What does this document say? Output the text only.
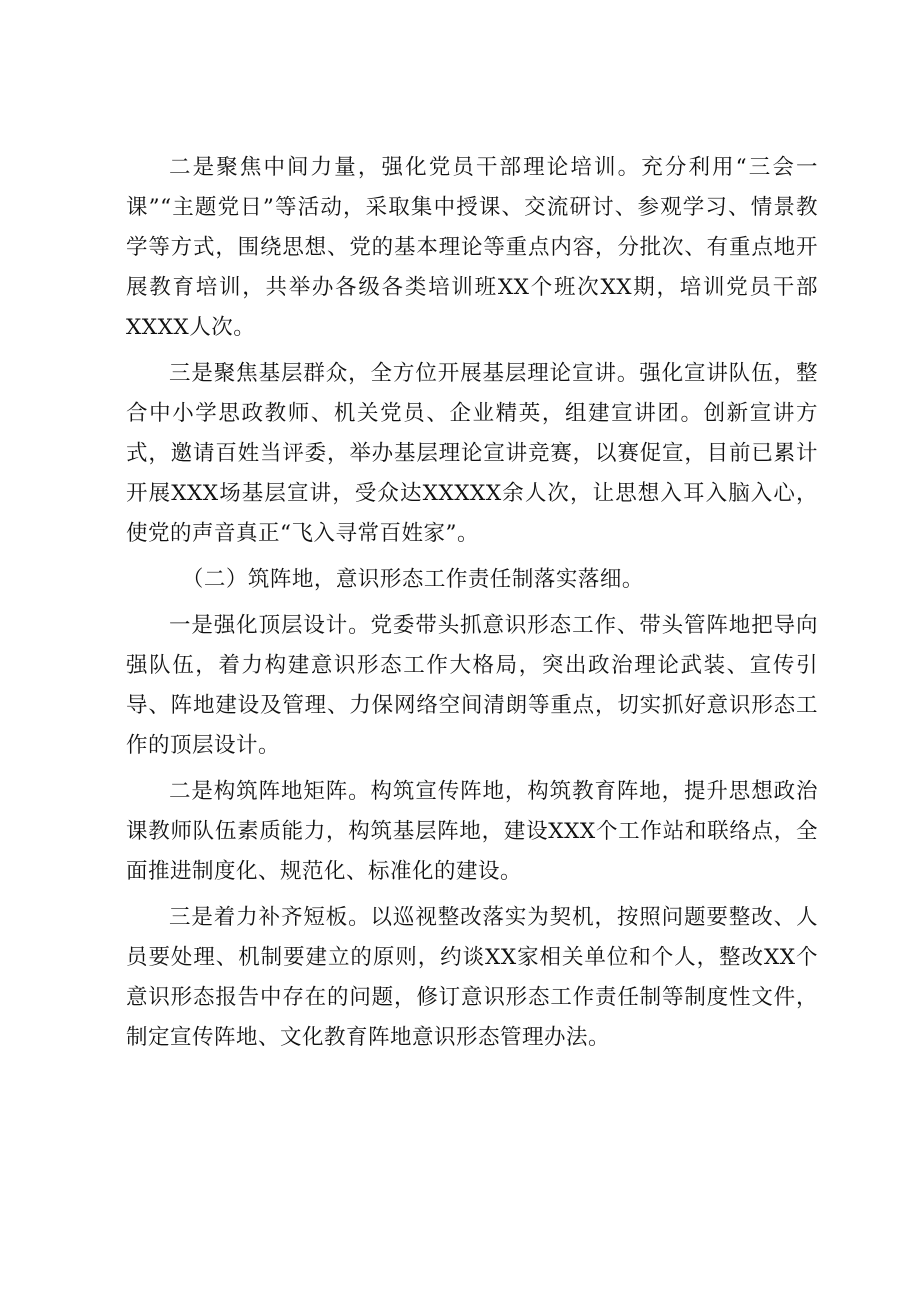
二是聚焦中间力量，强化党员干部理论培训。充分利用“三会一课”“主题党日”等活动，采取集中授课、交流研讨、参观学习、情景教学等方式，围绕思想、党的基本理论等重点内容，分批次、有重点地开展教育培训，共举办各级各类培训班XX个班次XX期，培训党员干部XXXX人次。

三是聚焦基层群众，全方位开展基层理论宣讲。强化宣讲队伍，整合中小学思政教师、机关党员、企业精英，组建宣讲团。创新宣讲方式，邀请百姓当评委，举办基层理论宣讲竞赛，以赛促宣，目前已累计开展XXX场基层宣讲，受众达XXXXX余人次，让思想入耳入脑入心，使党的声音真正“飞入寻常百姓家”。

（二）筑阵地，意识形态工作责任制落实落细。

一是强化顶层设计。党委带头抓意识形态工作、带头管阵地把导向强队伍，着力构建意识形态工作大格局，突出政治理论武装、宣传引导、阵地建设及管理、力保网络空间清朗等重点，切实抓好意识形态工作的顶层设计。

二是构筑阵地矩阵。构筑宣传阵地，构筑教育阵地，提升思想政治课教师队伍素质能力，构筑基层阵地，建设XXX个工作站和联络点，全面推进制度化、规范化、标准化的建设。

三是着力补齐短板。以巡视整改落实为契机，按照问题要整改、人员要处理、机制要建立的原则，约谈XX家相关单位和个人，整改XX个意识形态报告中存在的问题，修订意识形态工作责任制等制度性文件，制定宣传阵地、文化教育阵地意识形态管理办法。
